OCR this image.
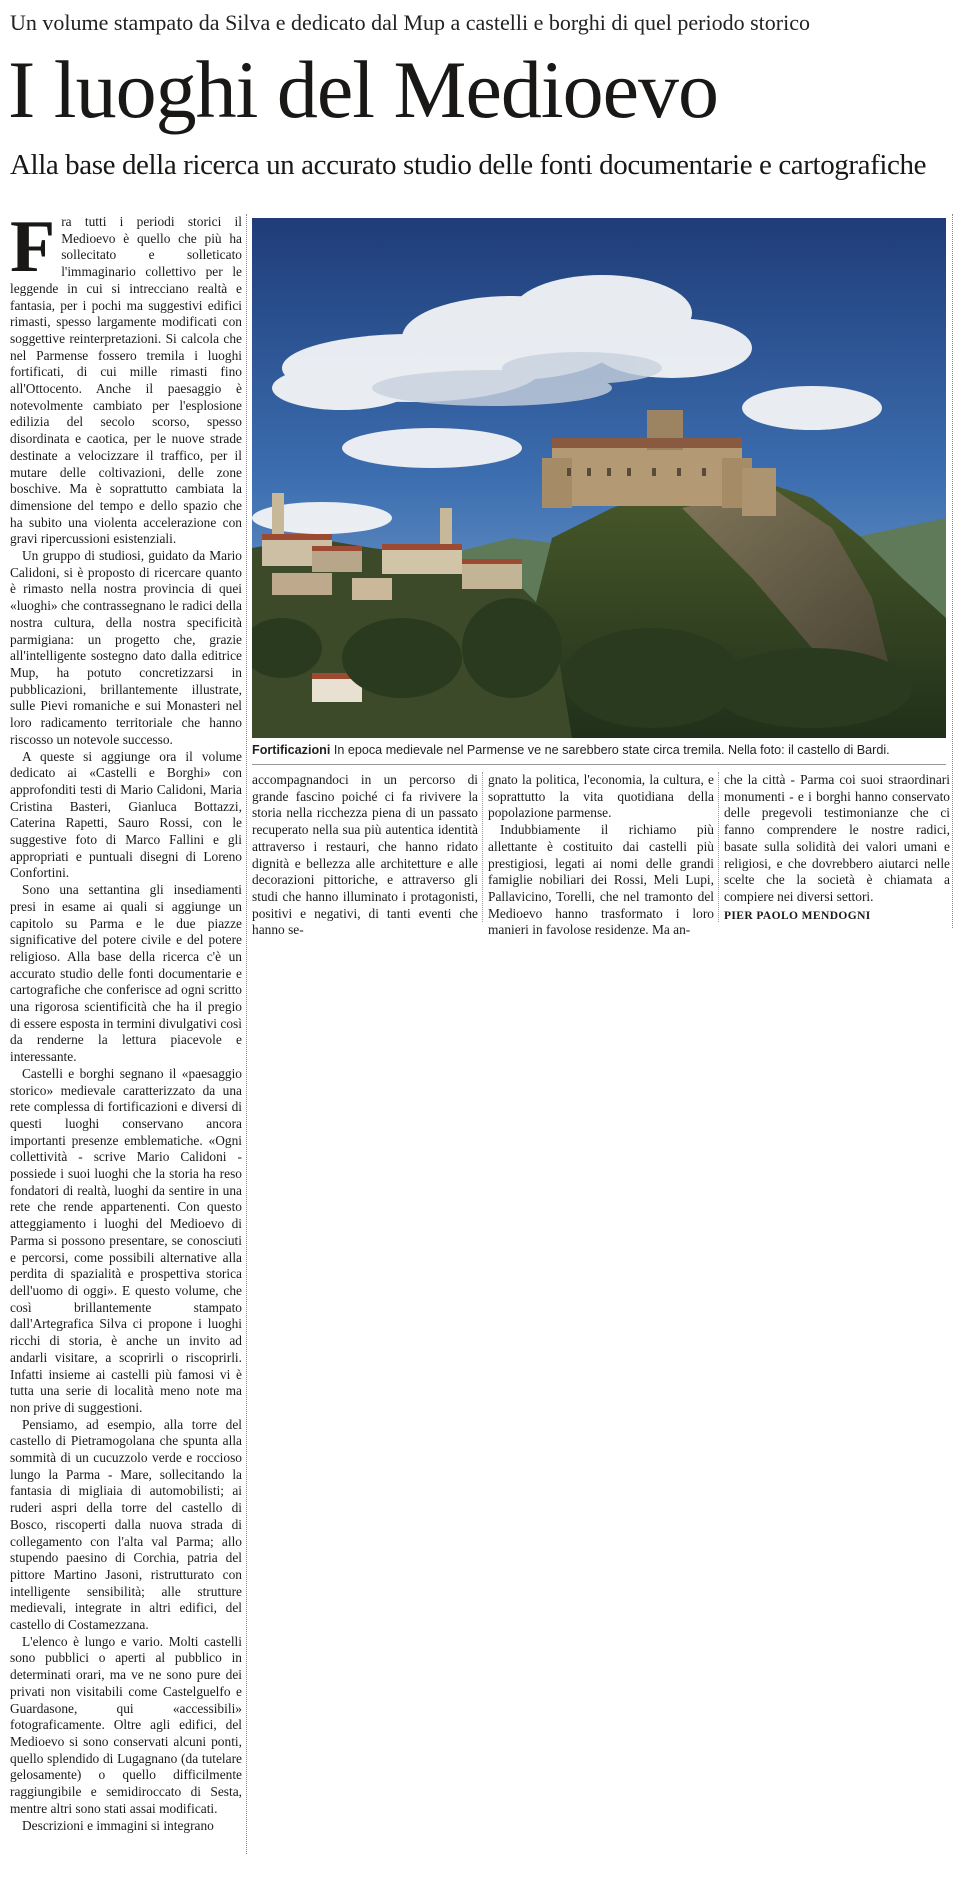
Un volume stampato da Silva e dedicato dal Mup a castelli e borghi di quel periodo storico
I luoghi del Medioevo
Alla base della ricerca un accurato studio delle fonti documentarie e cartografiche

Fra tutti i periodi storici il Medioevo è quello che più ha sollecitato e solleticato l'immaginario collettivo per le leggende in cui si intrecciano realtà e fantasia, per i pochi ma suggestivi edifici rimasti, spesso largamente modificati con soggettive reinterpretazioni. Si calcola che nel Parmense fossero tremila i luoghi fortificati, di cui mille rimasti fino all'Ottocento. Anche il paesaggio è notevolmente cambiato per l'esplosione edilizia del secolo scorso, spesso disordinata e caotica, per le nuove strade destinate a velocizzare il traffico, per il mutare delle coltivazioni, delle zone boschive. Ma è soprattutto cambiata la dimensione del tempo e dello spazio che ha subito una violenta accelerazione con gravi ripercussioni esistenziali.

Un gruppo di studiosi, guidato da Mario Calidoni, si è proposto di ricercare quanto è rimasto nella nostra provincia di quei «luoghi» che contrassegnano le radici della nostra cultura, della nostra specificità parmigiana: un progetto che, grazie all'intelligente sostegno dato dalla editrice Mup, ha potuto concretizzarsi in pubblicazioni, brillantemente illustrate, sulle Pievi romaniche e sui Monasteri nel loro radicamento territoriale che hanno riscosso un notevole successo.

A queste si aggiunge ora il volume dedicato ai «Castelli e Borghi» con approfonditi testi di Mario Calidoni, Maria Cristina Basteri, Gianluca Bottazzi, Caterina Rapetti, Sauro Rossi, con le suggestive foto di Marco Fallini e gli appropriati e puntuali disegni di Loreno Confortini.

Sono una settantina gli insediamenti presi in esame ai quali si aggiunge un capitolo su Parma e le due piazze significative del potere civile e del potere religioso. Alla base della ricerca c'è un accurato studio delle fonti documentarie e cartografiche che conferisce ad ogni scritto una rigorosa scientificità che ha il pregio di essere esposta in termini divulgativi così da renderne la lettura piacevole e interessante.

Castelli e borghi segnano il «paesaggio storico» medievale caratterizzato da una rete complessa di fortificazioni e diversi di questi luoghi conservano ancora importanti presenze emblematiche. «Ogni collettività - scrive Mario Calidoni - possiede i suoi luoghi che la storia ha reso fondatori di realtà, luoghi da sentire in una rete che rende appartenenti. Con questo atteggiamento i luoghi del Medioevo di Parma si possono presentare, se conosciuti e percorsi, come possibili alternative alla perdita di spazialità e prospettiva storica dell'uomo di oggi». E questo volume, che così brillantemente stampato dall'Artegrafica Silva ci propone i luoghi ricchi di storia, è anche un invito ad andarli visitare, a scoprirli o riscoprirli. Infatti insieme ai castelli più famosi vi è tutta una serie di località meno note ma non prive di suggestioni.

Pensiamo, ad esempio, alla torre del castello di Pietramogolana che spunta alla sommità di un cucuzzolo verde e roccioso lungo la Parma - Mare, sollecitando la fantasia di migliaia di automobilisti; ai ruderi aspri della torre del castello di Bosco, riscoperti dalla nuova strada di collegamento con l'alta val Parma; allo stupendo paesino di Corchia, patria del pittore Martino Jasoni, ristrutturato con intelligente sensibilità; alle strutture medievali, integrate in altri edifici, del castello di Costamezzana.

L'elenco è lungo e vario. Molti castelli sono pubblici o aperti al pubblico in determinati orari, ma ve ne sono pure dei privati non visitabili come Castelguelfo e Guardasone, qui «accessibili» fotograficamente. Oltre agli edifici, del Medioevo si sono conservati alcuni ponti, quello splendido di Lugagnano (da tutelare gelosamente) o quello difficilmente raggiungibile e semidiroccato di Sesta, mentre altri sono stati assai modificati.

Descrizioni e immagini si integrano

Fortificazioni In epoca medievale nel Parmense ve ne sarebbero state circa tremila. Nella foto: il castello di Bardi.

accompagnandoci in un percorso di grande fascino poiché ci fa rivivere la storia nella ricchezza piena di un passato recuperato nella sua più autentica identità attraverso i restauri, che hanno ridato dignità e bellezza alle architetture e alle decorazioni pittoriche, e attraverso gli studi che hanno illuminato i protagonisti, positivi e negativi, di tanti eventi che hanno se-

gnato la politica, l'economia, la cultura, e soprattutto la vita quotidiana della popolazione parmense.

Indubbiamente il richiamo più allettante è costituito dai castelli più prestigiosi, legati ai nomi delle grandi famiglie nobiliari dei Rossi, Meli Lupi, Pallavicino, Torelli, che nel tramonto del Medioevo hanno trasformato i loro manieri in favolose residenze. Ma an-

che la città - Parma coi suoi straordinari monumenti - e i borghi hanno conservato delle pregevoli testimonianze che ci fanno comprendere le nostre radici, basate sulla solidità dei valori umani e religiosi, e che dovrebbero aiutarci nelle scelte che la società è chiamata a compiere nei diversi settori.

PIER PAOLO MENDOGNI
